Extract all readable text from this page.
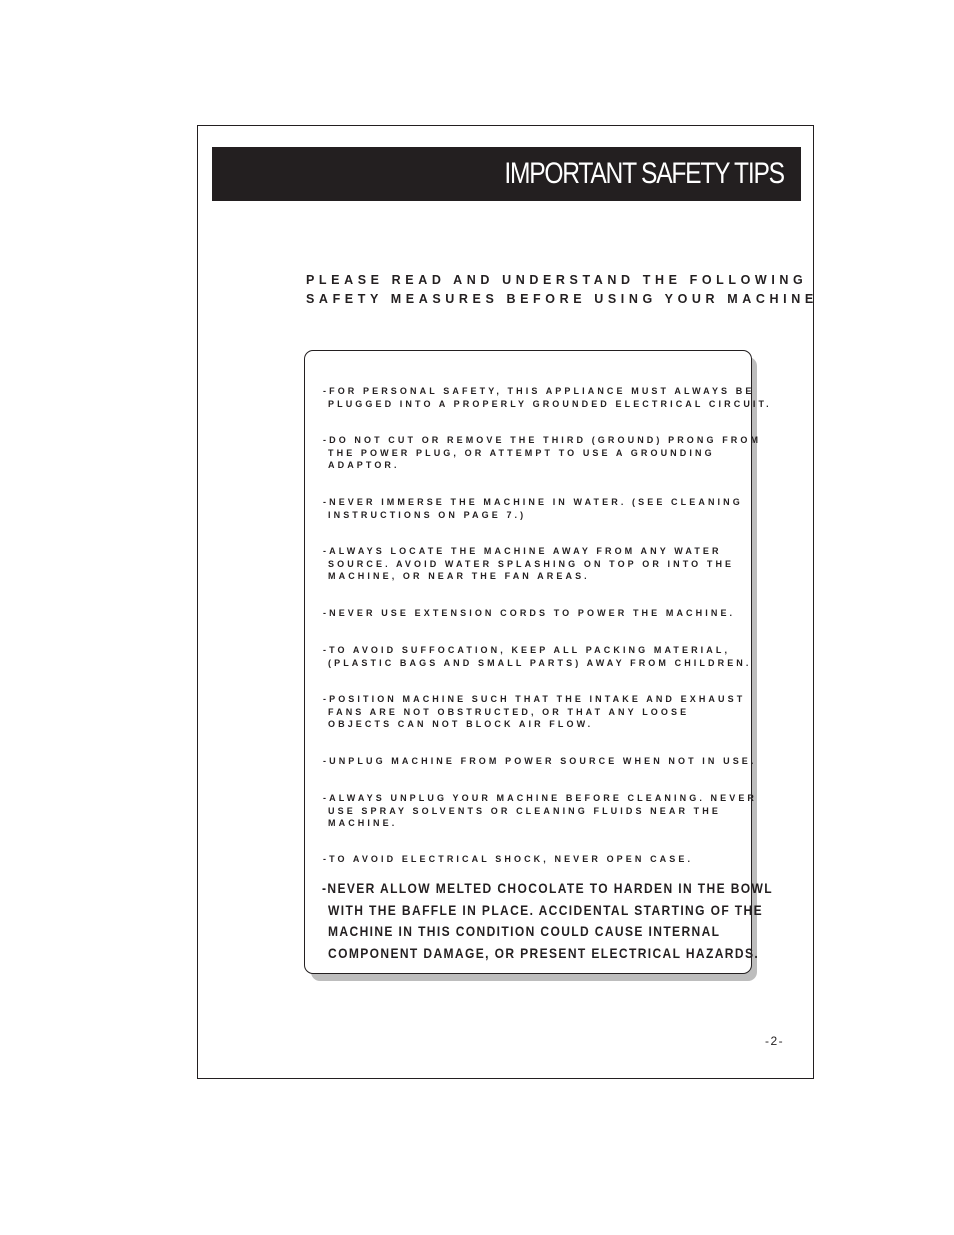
IMPORTANT SAFETY TIPS
PLEASE READ AND UNDERSTAND THE FOLLOWING
SAFETY MEASURES BEFORE USING YOUR MACHINE
-FOR PERSONAL SAFETY, THIS APPLIANCE MUST ALWAYS BE
PLUGGED INTO A PROPERLY GROUNDED ELECTRICAL CIRCUIT.
-DO NOT CUT OR REMOVE THE THIRD (GROUND) PRONG FROM
THE POWER PLUG, OR ATTEMPT TO USE A GROUNDING
ADAPTOR.
-NEVER IMMERSE THE MACHINE IN WATER. (SEE CLEANING
INSTRUCTIONS ON PAGE 7.)
-ALWAYS LOCATE THE MACHINE AWAY FROM ANY WATER
SOURCE. AVOID WATER SPLASHING ON TOP OR INTO THE
MACHINE, OR NEAR THE FAN AREAS.
-NEVER USE EXTENSION CORDS TO POWER THE MACHINE.
-TO AVOID SUFFOCATION, KEEP ALL PACKING MATERIAL,
(PLASTIC BAGS AND SMALL PARTS) AWAY FROM CHILDREN.
-POSITION MACHINE SUCH THAT THE INTAKE AND EXHAUST
FANS ARE NOT OBSTRUCTED, OR THAT ANY LOOSE
OBJECTS CAN NOT BLOCK AIR FLOW.
-UNPLUG MACHINE FROM POWER SOURCE WHEN NOT IN USE.
-ALWAYS UNPLUG YOUR MACHINE BEFORE CLEANING. NEVER
USE SPRAY SOLVENTS OR CLEANING FLUIDS NEAR THE
MACHINE.
-TO AVOID ELECTRICAL SHOCK, NEVER OPEN CASE.
-NEVER ALLOW MELTED CHOCOLATE TO HARDEN IN THE BOWL
WITH THE BAFFLE IN PLACE. ACCIDENTAL STARTING OF THE
MACHINE IN THIS CONDITION COULD CAUSE INTERNAL
COMPONENT DAMAGE, OR PRESENT ELECTRICAL HAZARDS.
-2-
